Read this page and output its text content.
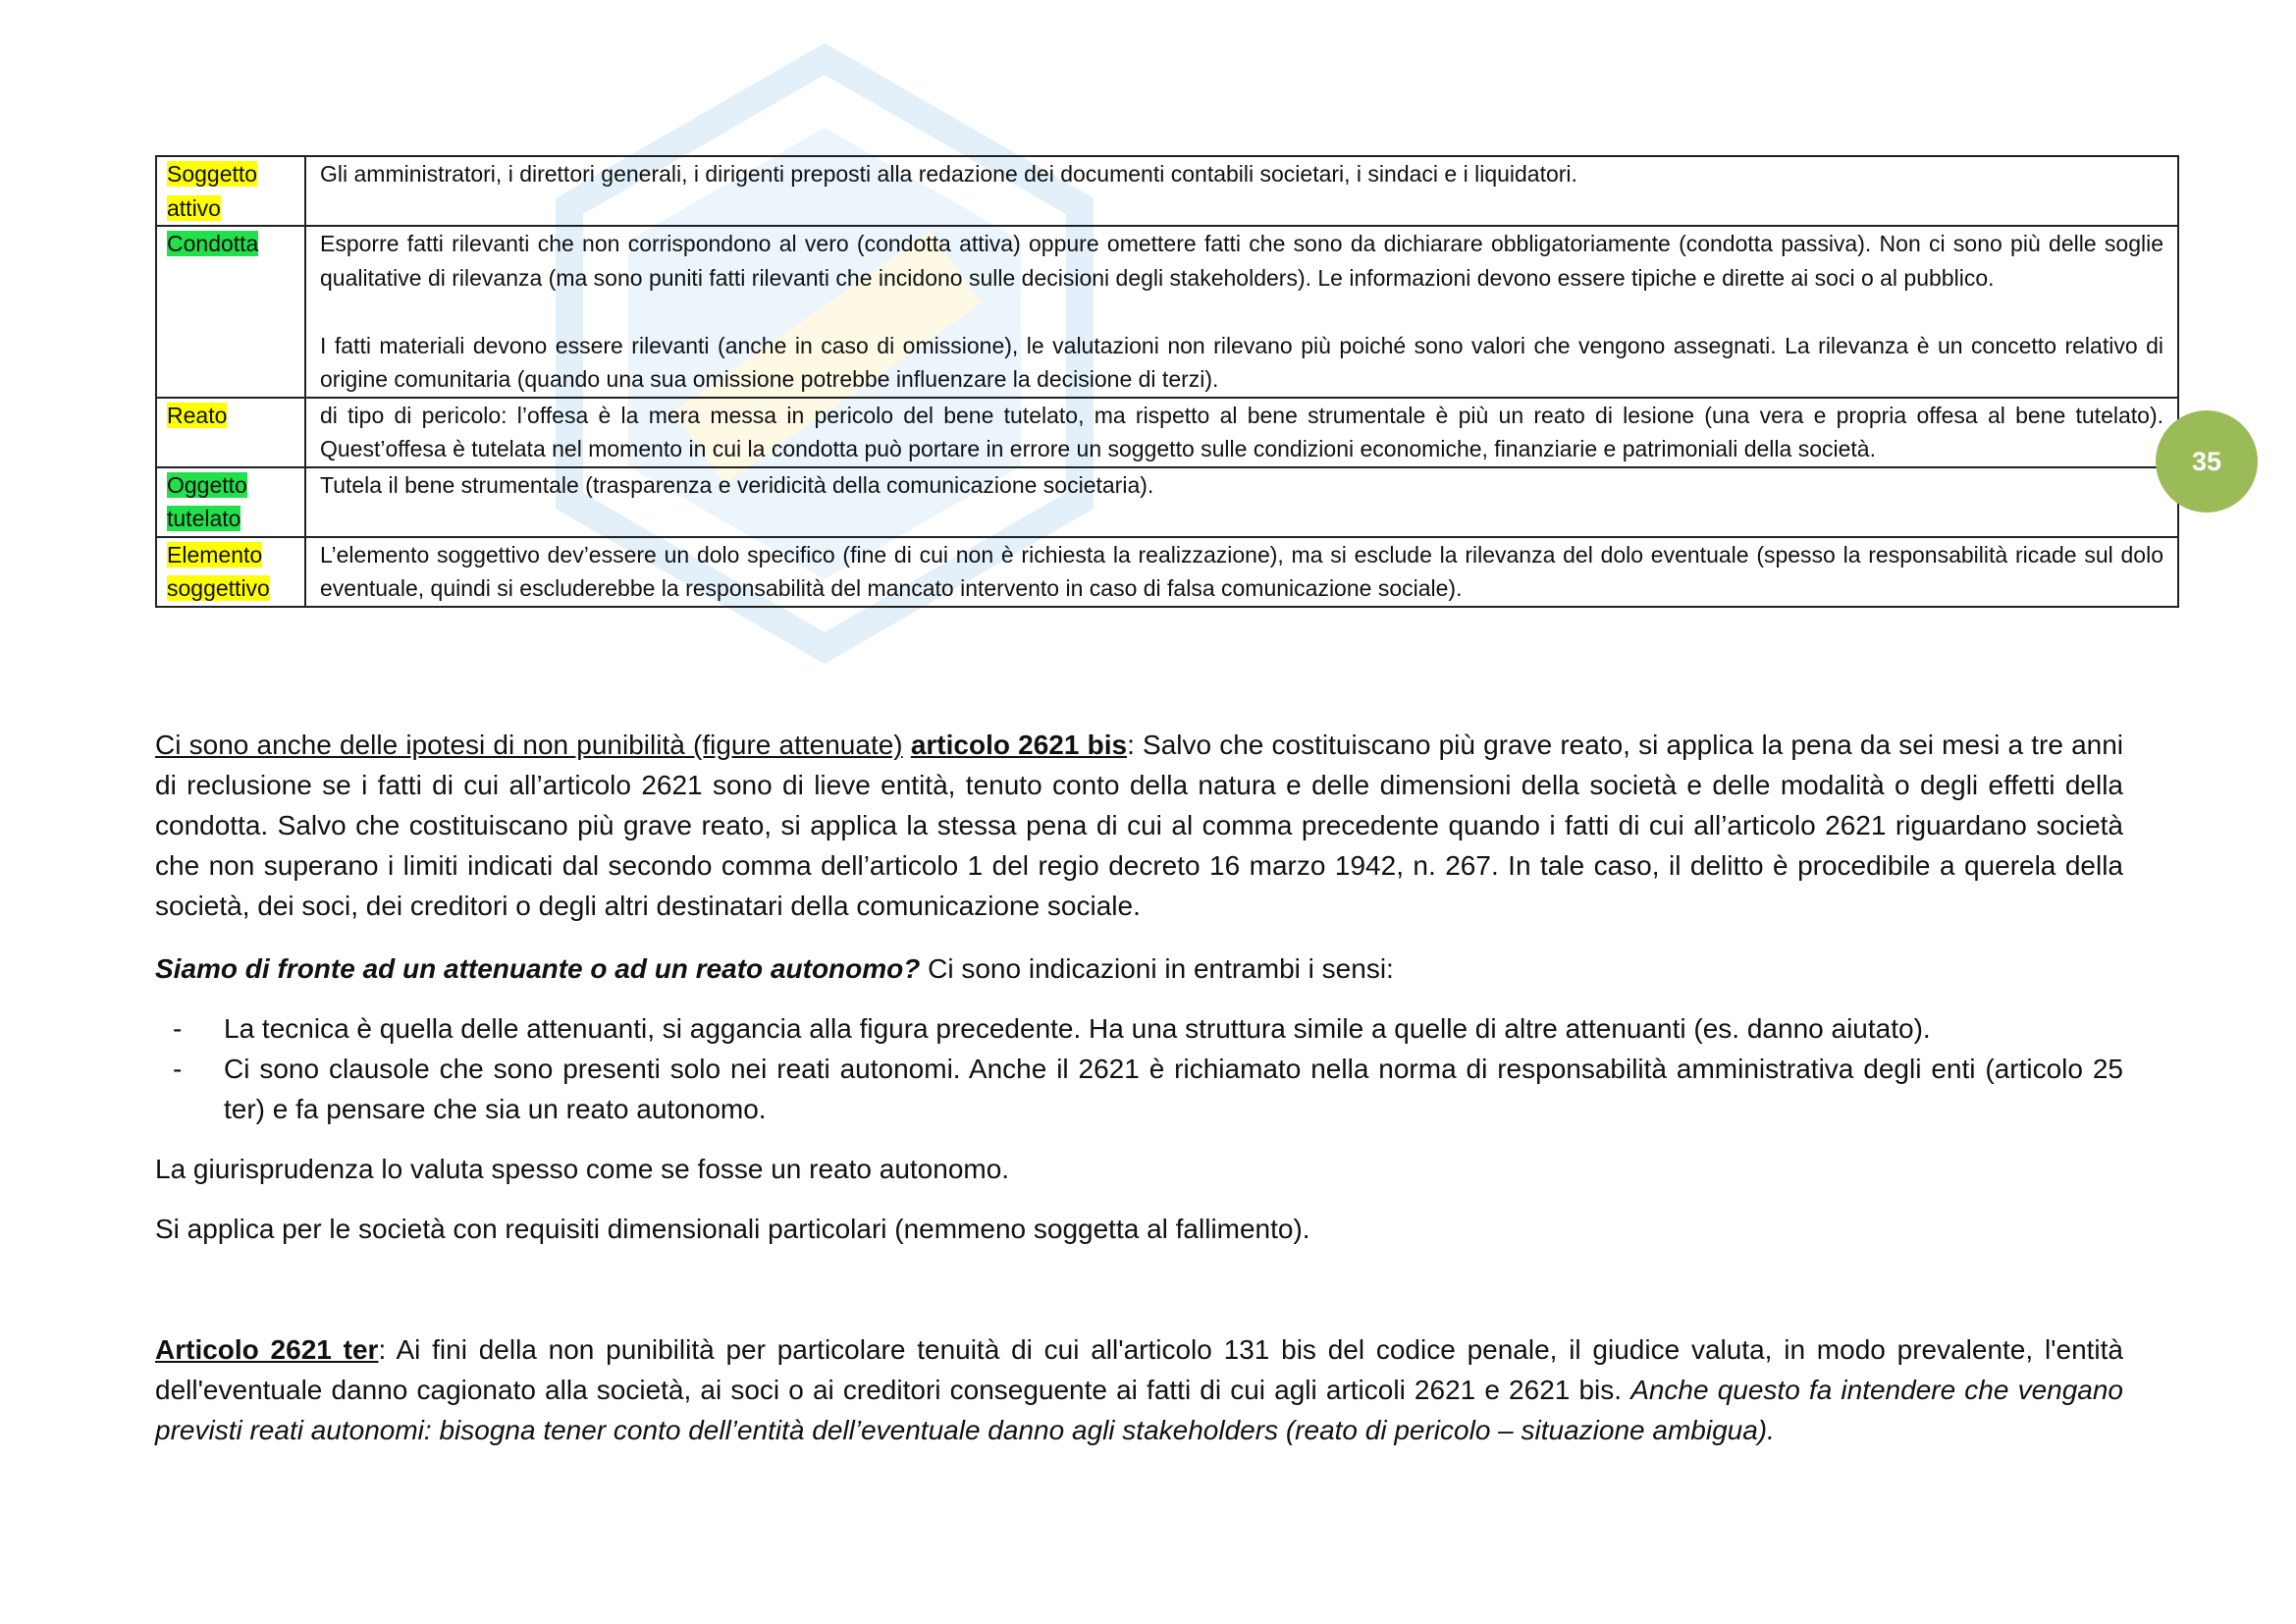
Soggetto attivo	Gli amministratori, i direttori generali, i dirigenti preposti alla redazione dei documenti contabili societari, i sindaci e i liquidatori.

Condotta	Esporre fatti rilevanti che non corrispondono al vero (condotta attiva) oppure omettere fatti che sono da dichiarare obbligatoriamente (condotta passiva). Non ci sono più delle soglie qualitative di rilevanza (ma sono puniti fatti rilevanti che incidono sulle decisioni degli stakeholders). Le informazioni devono essere tipiche e dirette ai soci o al pubblico.
I fatti materiali devono essere rilevanti (anche in caso di omissione), le valutazioni non rilevano più poiché sono valori che vengono assegnati. La rilevanza è un concetto relativo di origine comunitaria (quando una sua omissione potrebbe influenzare la decisione di terzi).

Reato	di tipo di pericolo: l’offesa è la mera messa in pericolo del bene tutelato, ma rispetto al bene strumentale è più un reato di lesione (una vera e propria offesa al bene tutelato). Quest’offesa è tutelata nel momento in cui la condotta può portare in errore un soggetto sulle condizioni economiche, finanziarie e patrimoniali della società.

Oggetto tutelato	Tutela il bene strumentale (trasparenza e veridicità della comunicazione societaria).

Elemento soggettivo	L’elemento soggettivo dev’essere un dolo specifico (fine di cui non è richiesta la realizzazione), ma si esclude la rilevanza del dolo eventuale (spesso la responsabilità ricade sul dolo eventuale, quindi si escluderebbe la responsabilità del mancato intervento in caso di falsa comunicazione sociale).
35

Ci sono anche delle ipotesi di non punibilità (figure attenuate) articolo 2621 bis: Salvo che costituiscano più grave reato, si applica la pena da sei mesi a tre anni di reclusione se i fatti di cui all’articolo 2621 sono di lieve entità, tenuto conto della natura e delle dimensioni della società e delle modalità o degli effetti della condotta. Salvo che costituiscano più grave reato, si applica la stessa pena di cui al comma precedente quando i fatti di cui all’articolo 2621 riguardano società che non superano i limiti indicati dal secondo comma dell’articolo 1 del regio decreto 16 marzo 1942, n. 267. In tale caso, il delitto è procedibile a querela della società, dei soci, dei creditori o degli altri destinatari della comunicazione sociale.

Siamo di fronte ad un attenuante o ad un reato autonomo? Ci sono indicazioni in entrambi i sensi:

- La tecnica è quella delle attenuanti, si aggancia alla figura precedente. Ha una struttura simile a quelle di altre attenuanti (es. danno aiutato).
- Ci sono clausole che sono presenti solo nei reati autonomi. Anche il 2621 è richiamato nella norma di responsabilità amministrativa degli enti (articolo 25 ter) e fa pensare che sia un reato autonomo.

La giurisprudenza lo valuta spesso come se fosse un reato autonomo.

Si applica per le società con requisiti dimensionali particolari (nemmeno soggetta al fallimento).

Articolo 2621 ter: Ai fini della non punibilità per particolare tenuità di cui all'articolo 131 bis del codice penale, il giudice valuta, in modo prevalente, l'entità dell'eventuale danno cagionato alla società, ai soci o ai creditori conseguente ai fatti di cui agli articoli 2621 e 2621 bis. Anche questo fa intendere che vengano previsti reati autonomi: bisogna tener conto dell’entità dell’eventuale danno agli stakeholders (reato di pericolo – situazione ambigua).
